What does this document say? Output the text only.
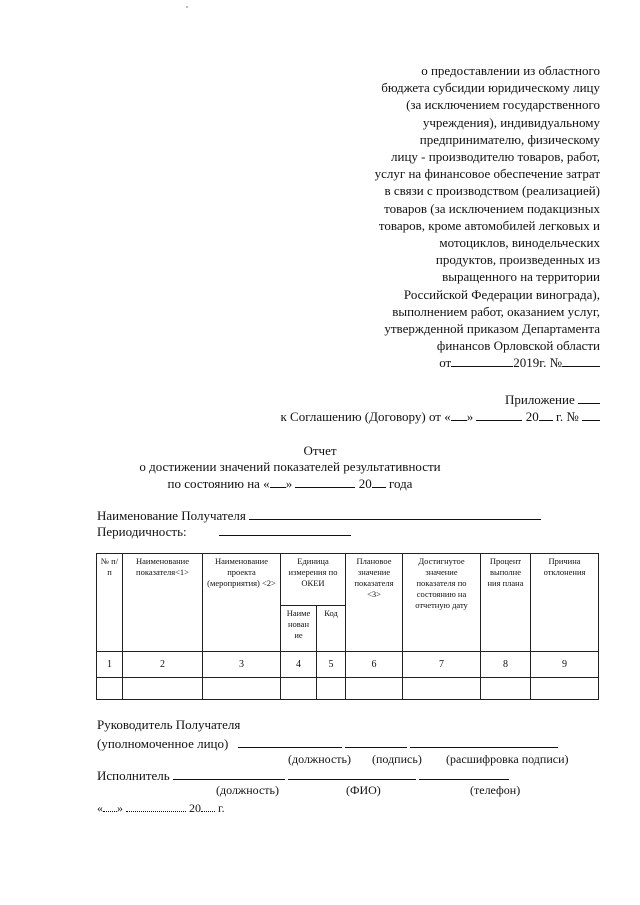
о предоставлении из областного
бюджета субсидии юридическому лицу
(за исключением государственного
учреждения), индивидуальному
предпринимателю, физическому
лицу - производителю товаров, работ,
услуг на финансовое обеспечение затрат
в связи с производством (реализацией)
товаров (за исключением подакцизных
товаров, кроме автомобилей легковых и
мотоциклов, винодельческих
продуктов, произведенных из
выращенного на территории
Российской Федерации винограда),
выполнением работ, оказанием услуг,
утвержденной приказом Департамента
финансов Орловской области
от	2019г. №
Приложение
к Соглашению (Договору) от « »	20 г. №
Отчет
о достижении значений показателей результативности
по состоянию на « »	20 года
Наименование Получателя
Периодичность:
№ п/п	Наименование показателя<1>	Наименование проекта (мероприятия) <2>	Единица измерения по ОКЕИ		Плановое значение показателя <3>	Достигнутое значение показателя по состоянию на отчетную дату	Процент выполне ния плана	Причина отклонения
			Наиме нован ие	Код				
1	2	3	4	5	6	7	8	9

Руководитель Получателя
(уполномоченное лицо)
(должность) (подпись) (расшифровка подписи)
Исполнитель
(должность)	(ФИО)	(телефон)
« »	20 г.
